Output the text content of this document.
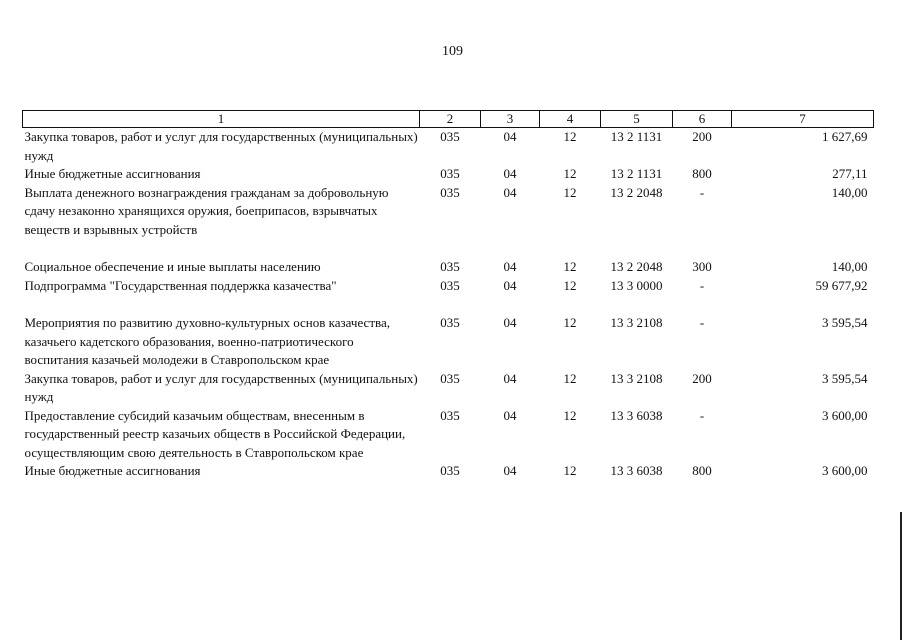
109
1	2	3	4	5	6	7
Закупка товаров, работ и услуг для государственных (муниципальных) нужд	035	04	12	13 2 1131	200	1 627,69
Иные бюджетные ассигнования	035	04	12	13 2 1131	800	277,11
Выплата денежного вознаграждения гражданам за добровольную сдачу незаконно хранящихся оружия, боеприпасов, взрывчатых веществ и взрывных устройств	035	04	12	13 2 2048	-	140,00
Социальное обеспечение и иные выплаты населению	035	04	12	13 2 2048	300	140,00
Подпрограмма "Государственная поддержка казачества"	035	04	12	13 3 0000	-	59 677,92
Мероприятия по развитию духовно-культурных основ казачества, казачьего кадетского образования, военно-патриотического воспитания казачьей молодежи в Ставропольском крае	035	04	12	13 3 2108	-	3 595,54
Закупка товаров, работ и услуг для государственных (муниципальных) нужд	035	04	12	13 3 2108	200	3 595,54
Предоставление субсидий казачьим обществам, внесенным в государственный реестр казачьих обществ в Российской Федерации, осуществляющим свою деятельность в Ставропольском крае	035	04	12	13 3 6038	-	3 600,00
Иные бюджетные ассигнования	035	04	12	13 3 6038	800	3 600,00
